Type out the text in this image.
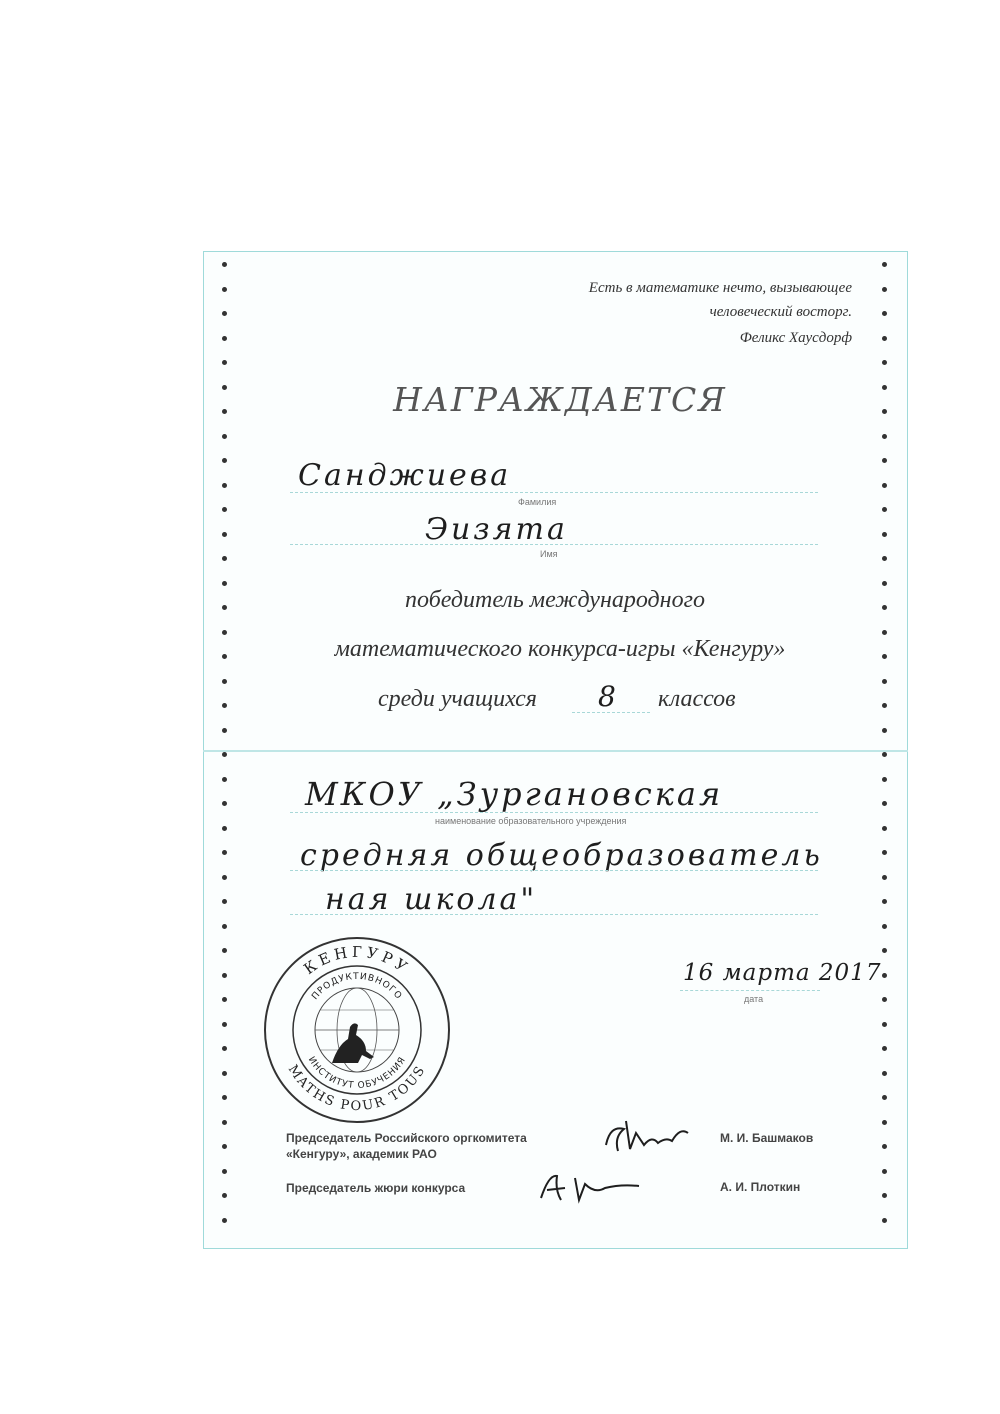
Есть в математике нечто, вызывающее
человеческий восторг.
Феликс Хаусдорф
НАГРАЖДАЕТСЯ
Санджиева
Фамилия
Эизята
Имя
победитель международного
математического конкурса-игры «Кенгуру»
среди учащихся 8 классов
МКОУ „Зургановская
наименование образовательного учреждения
средняя общеобразователь
ная школа"
16 марта 2017
дата
КЕНГУРУ
MATHS POUR TOUS
ПРОДУКТИВНОГО
ИНСТИТУТ ОБУЧЕНИЯ
Председатель Российского оргкомитета
«Кенгуру», академик РАО
М. И. Башмаков
Председатель жюри конкурса	А. И. Плоткин
